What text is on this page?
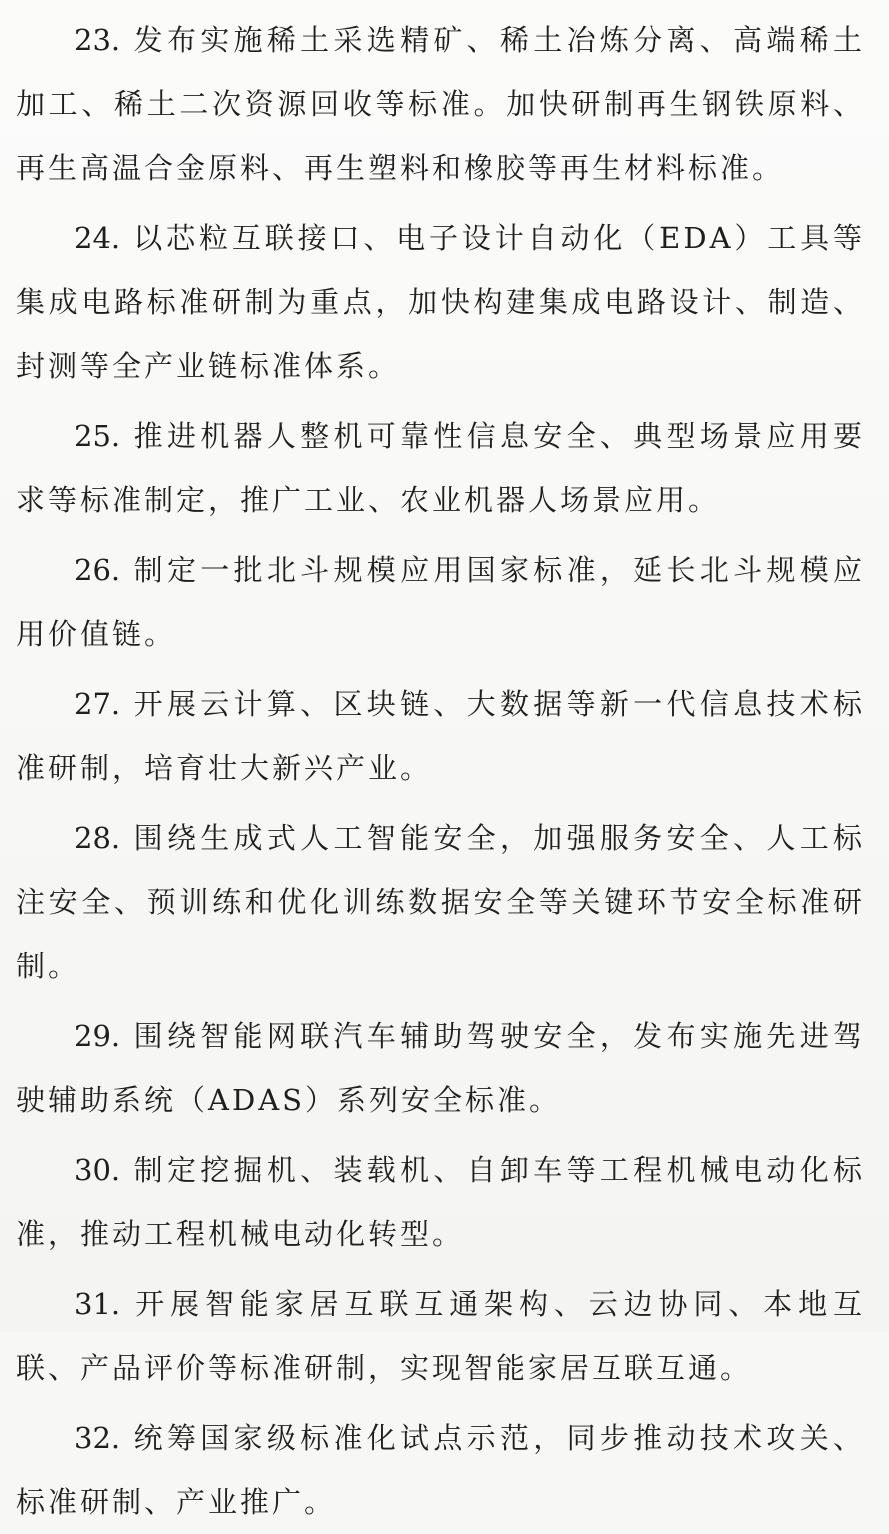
23. 发布实施稀土采选精矿、稀土冶炼分离、高端稀土加工、稀土二次资源回收等标准。加快研制再生钢铁原料、再生高温合金原料、再生塑料和橡胶等再生材料标准。

24. 以芯粒互联接口、电子设计自动化（EDA）工具等集成电路标准研制为重点，加快构建集成电路设计、制造、封测等全产业链标准体系。

25. 推进机器人整机可靠性信息安全、典型场景应用要求等标准制定，推广工业、农业机器人场景应用。

26. 制定一批北斗规模应用国家标准，延长北斗规模应用价值链。

27. 开展云计算、区块链、大数据等新一代信息技术标准研制，培育壮大新兴产业。

28. 围绕生成式人工智能安全，加强服务安全、人工标注安全、预训练和优化训练数据安全等关键环节安全标准研制。

29. 围绕智能网联汽车辅助驾驶安全，发布实施先进驾驶辅助系统（ADAS）系列安全标准。

30. 制定挖掘机、装载机、自卸车等工程机械电动化标准，推动工程机械电动化转型。

31. 开展智能家居互联互通架构、云边协同、本地互联、产品评价等标准研制，实现智能家居互联互通。

32. 统筹国家级标准化试点示范，同步推动技术攻关、标准研制、产业推广。
